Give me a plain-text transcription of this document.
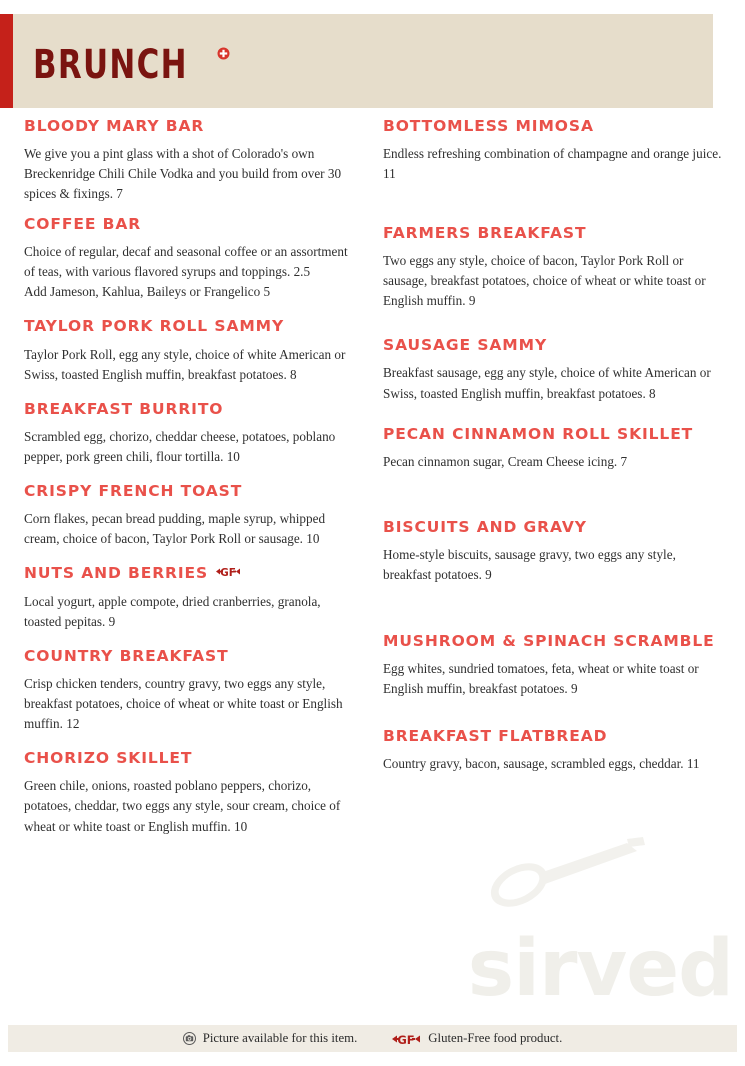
BRUNCH
sirved
BLOODY MARY BAR

We give you a pint glass with a shot of Colorado's own Breckenridge Chili Chile Vodka and you build from over 30 spices & fixings. 7

COFFEE BAR

Choice of regular, decaf and seasonal coffee or an assortment of teas, with various flavored syrups and toppings. 2.5

Add Jameson, Kahlua, Baileys or Frangelico 5

TAYLOR PORK ROLL SAMMY

Taylor Pork Roll, egg any style, choice of white American or Swiss, toasted English muffin, breakfast potatoes. 8

BREAKFAST BURRITO

Scrambled egg, chorizo, cheddar cheese, potatoes, poblano pepper, pork green chili, flour tortilla. 10

CRISPY FRENCH TOAST

Corn flakes, pecan bread pudding, maple syrup, whipped cream, choice of bacon, Taylor Pork Roll or sausage. 10

NUTS AND BERRIES GF

Local yogurt, apple compote, dried cranberries, granola, toasted pepitas. 9

COUNTRY BREAKFAST

Crisp chicken tenders, country gravy, two eggs any style, breakfast potatoes, choice of wheat or white toast or English muffin. 12

CHORIZO SKILLET

Green chile, onions, roasted poblano peppers, chorizo, potatoes, cheddar, two eggs any style, sour cream, choice of wheat or white toast or English muffin. 10

BOTTOMLESS MIMOSA

Endless refreshing combination of champagne and orange juice. 11

FARMERS BREAKFAST

Two eggs any style, choice of bacon, Taylor Pork Roll or sausage, breakfast potatoes, choice of wheat or white toast or English muffin. 9

SAUSAGE SAMMY

Breakfast sausage, egg any style, choice of white American or Swiss, toasted English muffin, breakfast potatoes. 8

PECAN CINNAMON ROLL SKILLET

Pecan cinnamon sugar, Cream Cheese icing. 7

BISCUITS AND GRAVY

Home-style biscuits, sausage gravy, two eggs any style, breakfast potatoes. 9

MUSHROOM & SPINACH SCRAMBLE

Egg whites, sundried tomatoes, feta, wheat or white toast or English muffin, breakfast potatoes. 9

BREAKFAST FLATBREAD

Country gravy, bacon, sausage, scrambled eggs, cheddar. 11

Picture available for this item.	GF Gluten-Free food product.
